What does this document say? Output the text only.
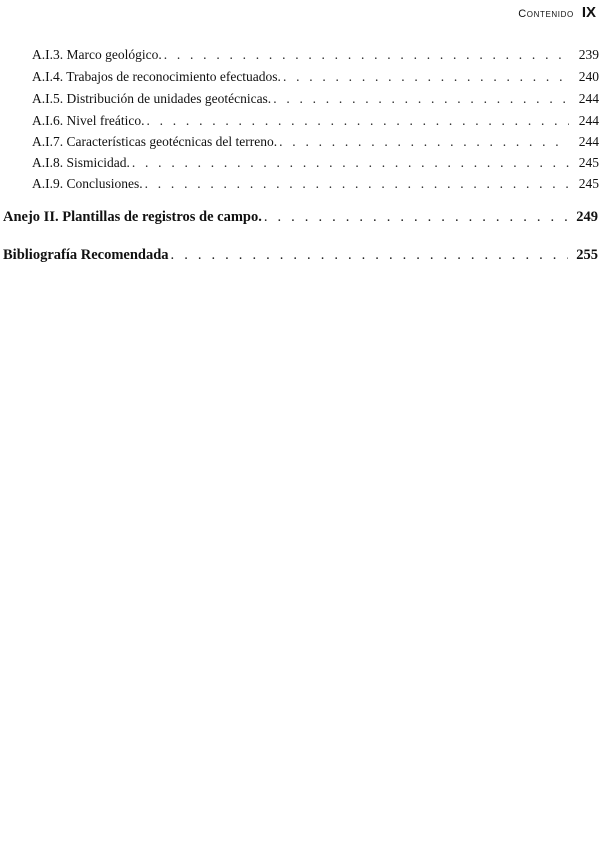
Contenido IX
A.I.3. Marco geológico. . . .	239
A.I.4. Trabajos de reconocimiento efectuados. . . .	240
A.I.5. Distribución de unidades geotécnicas. . . .	244
A.I.6. Nivel freático. . . .	244
A.I.7. Características geotécnicas del terreno. . . .	244
A.I.8. Sismicidad. . . .	245
A.I.9. Conclusiones. . . .	245
Anejo II. Plantillas de registros de campo. . . .	249
Bibliografía Recomendada . . .	255
